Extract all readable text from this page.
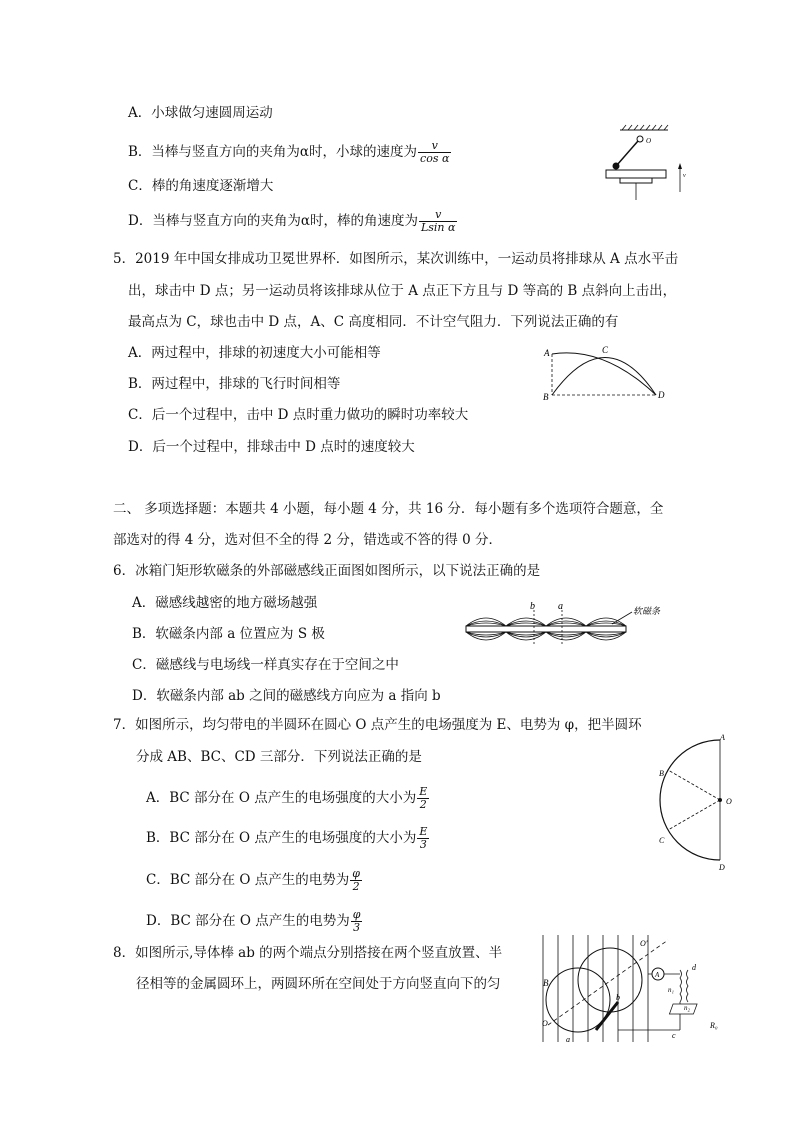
A．小球做匀速圆周运动
B．当棒与竖直方向的夹角为α时，小球的速度为 $\frac{v}{\text{cos α}}$
C．棒的角速度逐渐增大
D．当棒与竖直方向的夹角为α时，棒的角速度为 $\frac{v}{\text{Lsin α}}$
O
v
5．2019 年中国女排成功卫冕世界杯．如图所示，某次训练中，一运动员将排球从 A 点水平击
出，球击中 D 点；另一运动员将该排球从位于 A 点正下方且与 D 等高的 B 点斜向上击出，
最高点为 C，球也击中 D 点，A、C 高度相同．不计空气阻力．下列说法正确的有
A．两过程中，排球的初速度大小可能相等
B．两过程中，排球的飞行时间相等
C．后一个过程中，击中 D 点时重力做功的瞬时功率较大
D．后一个过程中，排球击中 D 点时的速度较大
A
B
C
D
二、 多项选择题：本题共 4 小题，每小题 4 分，共 16 分．每小题有多个选项符合题意，全
部选对的得 4 分，选对但不全的得 2 分，错选或不答的得 0 分．
6．冰箱门矩形软磁条的外部磁感线正面图如图所示，以下说法正确的是
A．磁感线越密的地方磁场越强
B．软磁条内部 a 位置应为 S 极
C．磁感线与电场线一样真实存在于空间之中
D．软磁条内部 ab 之间的磁感线方向应为 a 指向 b
b a	软磁条
7．如图所示，均匀带电的半圆环在圆心 O 点产生的电场强度为 E、电势为 φ，把半圆环
分成 AB、BC、CD 三部分．下列说法正确的是
A．BC 部分在 O 点产生的电场强度的大小为 $\frac{E}{2}$
B．BC 部分在 O 点产生的电场强度的大小为 $\frac{E}{3}$
C．BC 部分在 O 点产生的电势为 $\frac{\varphi}{2}$
D．BC 部分在 O 点产生的电势为 $\frac{\varphi}{3}$
A
B
C
D
O
8．如图所示,导体棒 ab 的两个端点分别搭接在两个竖直放置、半
径相等的金属圆环上，两圆环所在空间处于方向竖直向下的匀
A
B
O
O′
n₁
n₂
d
c
R₀
a
b
